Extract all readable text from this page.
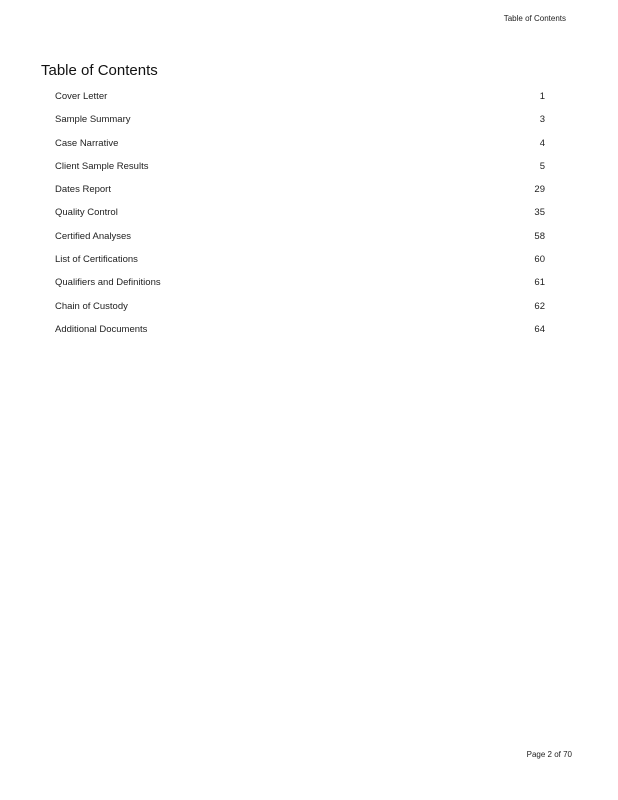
Table of Contents
Table of Contents
Cover Letter	1
Sample Summary	3
Case Narrative	4
Client Sample Results	5
Dates Report	29
Quality Control	35
Certified Analyses	58
List of Certifications	60
Qualifiers and Definitions	61
Chain of Custody	62
Additional Documents	64
Page 2 of 70
